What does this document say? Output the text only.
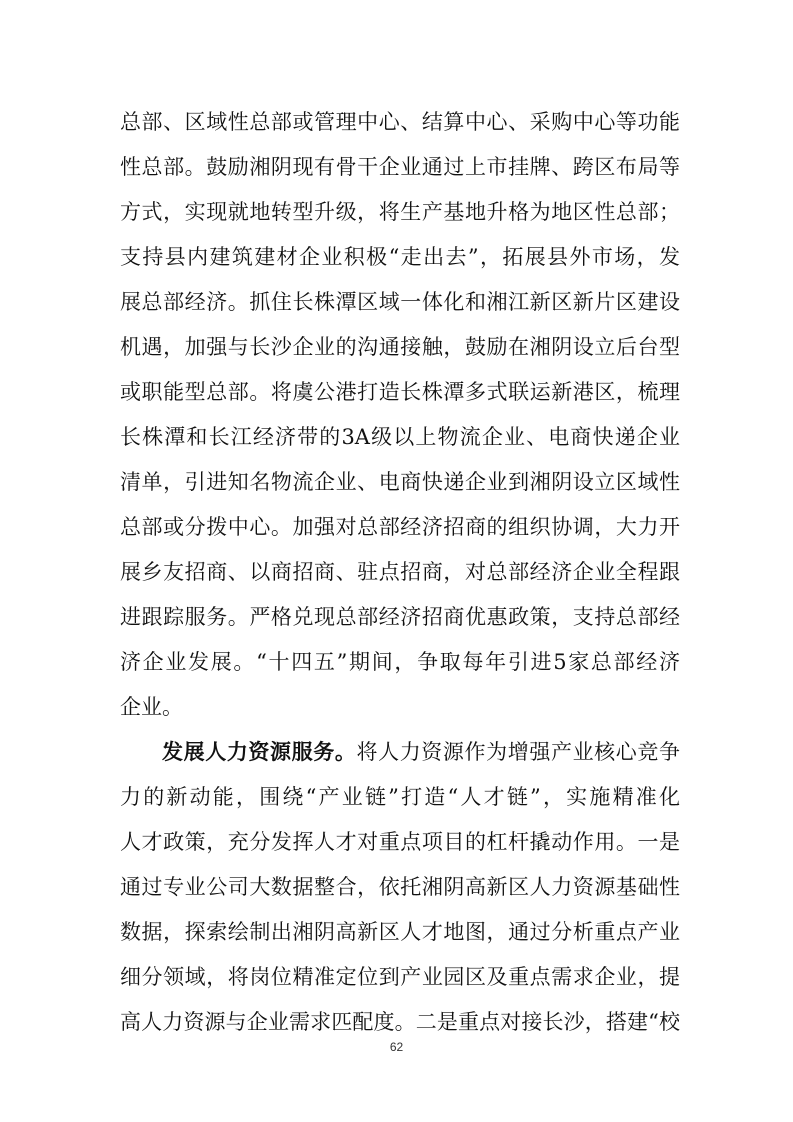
总部、区域性总部或管理中心、结算中心、采购中心等功能
性总部。鼓励湘阴现有骨干企业通过上市挂牌、跨区布局等
方式，实现就地转型升级，将生产基地升格为地区性总部；
支持县内建筑建材企业积极“走出去”，拓展县外市场，发
展总部经济。抓住长株潭区域一体化和湘江新区新片区建设
机遇，加强与长沙企业的沟通接触，鼓励在湘阴设立后台型
或职能型总部。将虞公港打造长株潭多式联运新港区，梳理
长株潭和长江经济带的3A级以上物流企业、电商快递企业
清单，引进知名物流企业、电商快递企业到湘阴设立区域性
总部或分拨中心。加强对总部经济招商的组织协调，大力开
展乡友招商、以商招商、驻点招商，对总部经济企业全程跟
进跟踪服务。严格兑现总部经济招商优惠政策，支持总部经
济企业发展。“十四五”期间，争取每年引进5家总部经济
企业。
发展人力资源服务。将人力资源作为增强产业核心竞争
力的新动能，围绕“产业链”打造“人才链”，实施精准化
人才政策，充分发挥人才对重点项目的杠杆撬动作用。一是
通过专业公司大数据整合，依托湘阴高新区人力资源基础性
数据，探索绘制出湘阴高新区人才地图，通过分析重点产业
细分领域，将岗位精准定位到产业园区及重点需求企业，提
高人力资源与企业需求匹配度。二是重点对接长沙，搭建“校
62
